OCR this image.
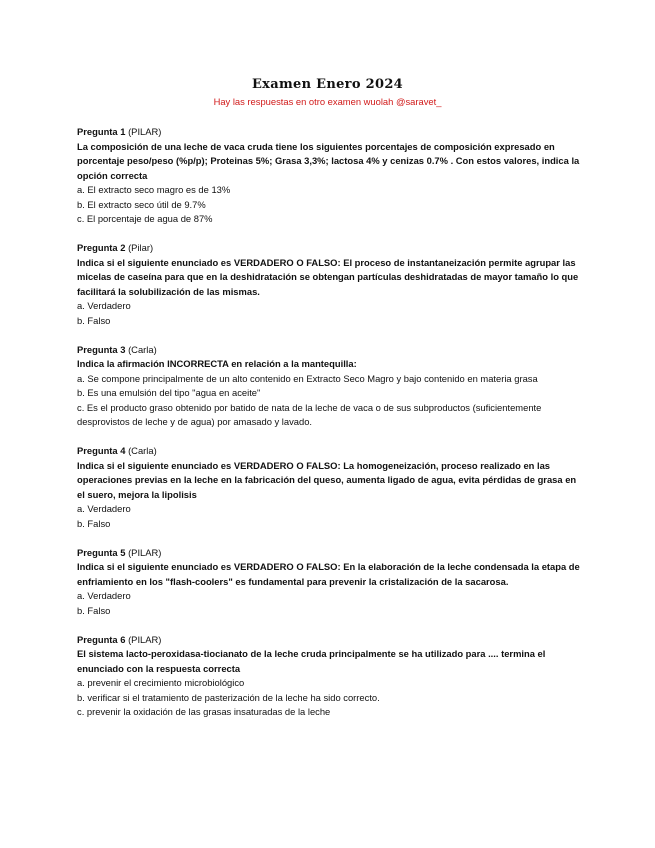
Examen Enero 2024
Hay las respuestas en otro examen wuolah @saravet_
Pregunta 1 (PILAR)
La composición de una leche de vaca cruda tiene los siguientes porcentajes de composición expresado en porcentaje peso/peso (%p/p); Proteinas 5%; Grasa 3,3%; lactosa 4% y cenizas 0.7% . Con estos valores, indica la opción correcta
a. El extracto seco magro es de 13%
b. El extracto seco útil de 9.7%
c. El porcentaje de agua de 87%
Pregunta 2 (Pilar)
Indica si el siguiente enunciado es VERDADERO O FALSO: El proceso de instantaneización permite agrupar las micelas de caseína para que en la deshidratación se obtengan partículas deshidratadas de mayor tamaño lo que facilitará la solubilización de las mismas.
a. Verdadero
b. Falso
Pregunta 3 (Carla)
Indica la afirmación INCORRECTA en relación a la mantequilla:
a. Se compone principalmente de un alto contenido en Extracto Seco Magro y bajo contenido en materia grasa
b. Es una emulsión del tipo "agua en aceite"
c. Es el producto graso obtenido por batido de nata de la leche de vaca o de sus subproductos (suficientemente desprovistos de leche y de agua) por amasado y lavado.
Pregunta 4 (Carla)
Indica si el siguiente enunciado es VERDADERO O FALSO: La homogeneización, proceso realizado en las operaciones previas en la leche en la fabricación del queso, aumenta ligado de agua, evita pérdidas de grasa en el suero, mejora la lipolisis
a. Verdadero
b. Falso
Pregunta 5 (PILAR)
Indica si el siguiente enunciado es VERDADERO O FALSO: En la elaboración de la leche condensada la etapa de enfriamiento en los "flash-coolers" es fundamental para prevenir la cristalización de la sacarosa.
a. Verdadero
b. Falso
Pregunta 6 (PILAR)
El sistema lacto-peroxidasa-tiocianato de la leche cruda principalmente se ha utilizado para .... termina el enunciado con la respuesta correcta
a. prevenir el crecimiento microbiológico
b. verificar si el tratamiento de pasterización de la leche ha sido correcto.
c. prevenir la oxidación de las grasas insaturadas de la leche
